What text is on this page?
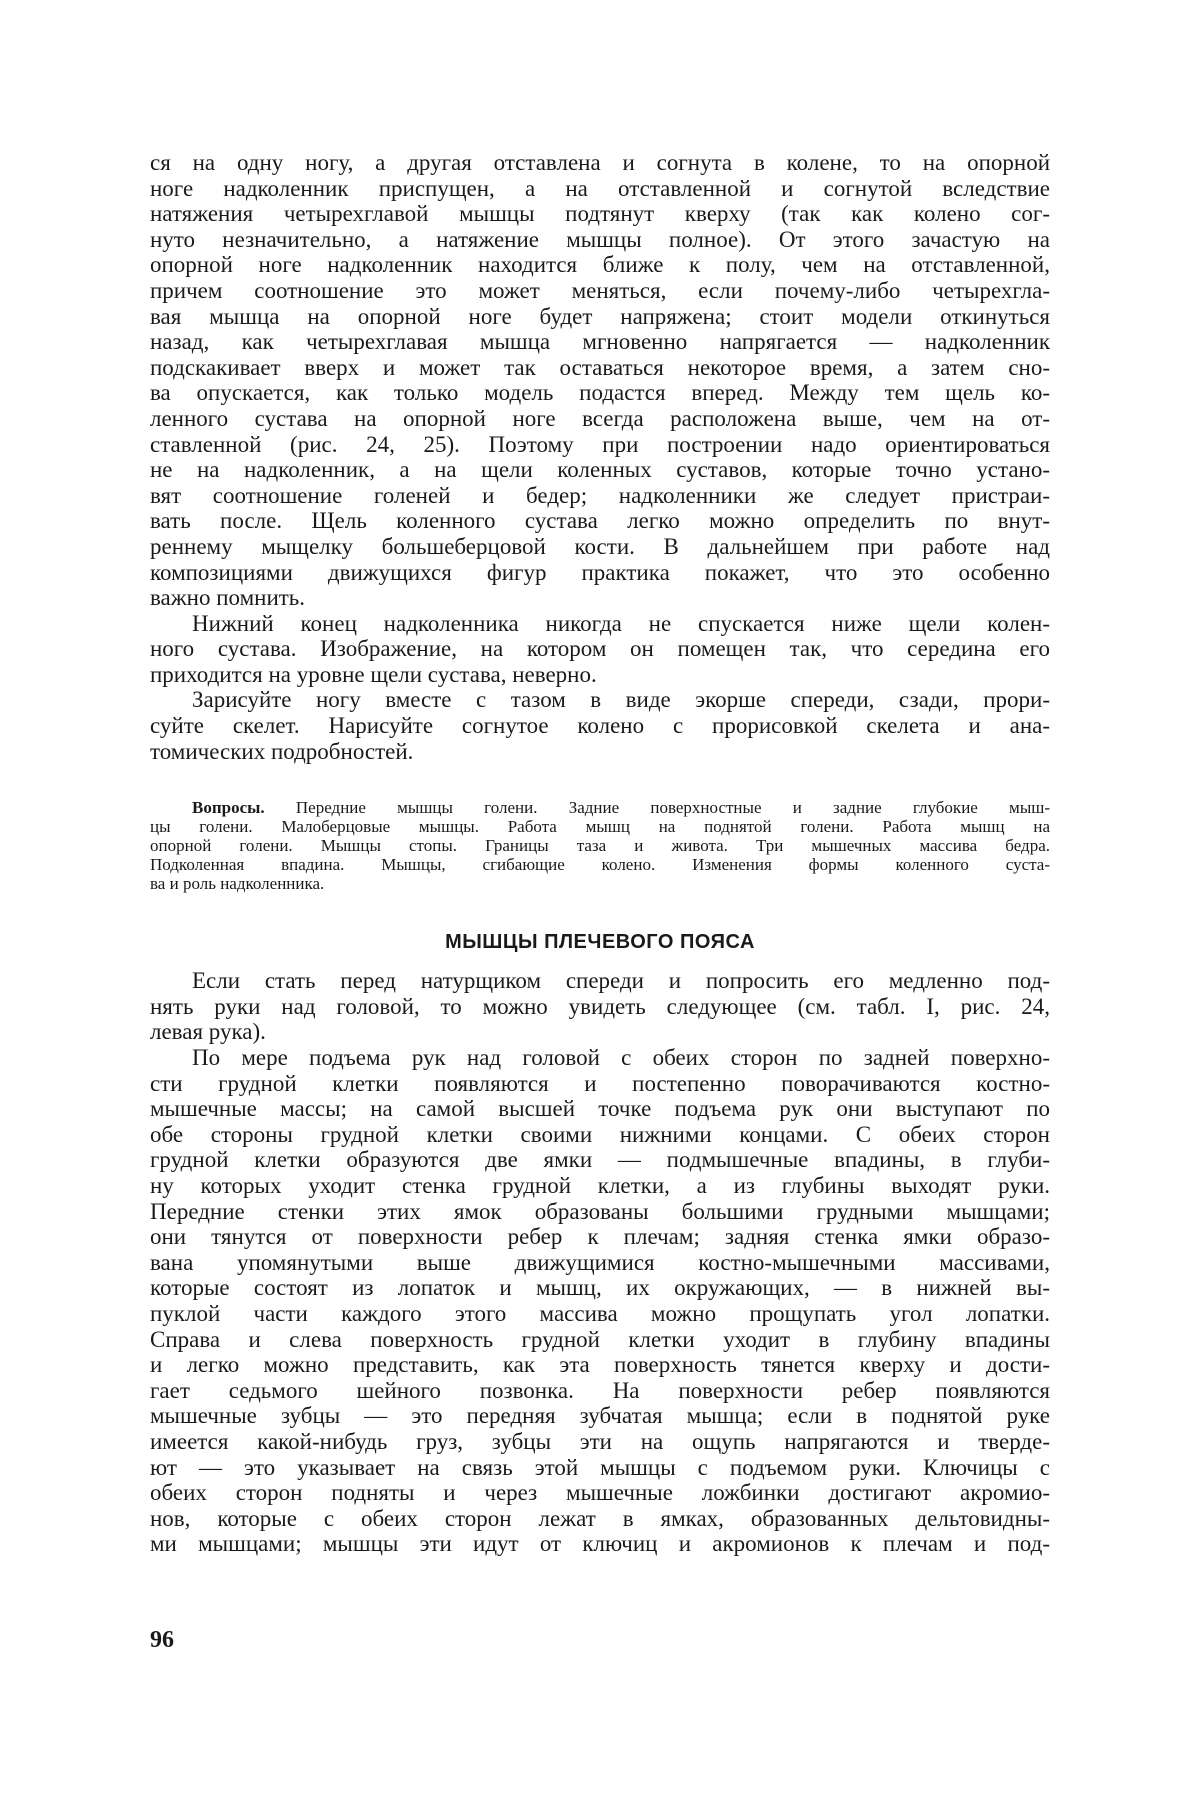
ся на одну ногу, а другая отставлена и согнута в колене, то на опорной
ноге надколенник приспущен, а на отставленной и согнутой вследствие
натяжения четырехглавой мышцы подтянут кверху (так как колено сог-
нуто незначительно, а натяжение мышцы полное). От этого зачастую на
опорной ноге надколенник находится ближе к полу, чем на отставленной,
причем соотношение это может меняться, если почему-либо четырехгла-
вая мышца на опорной ноге будет напряжена; стоит модели откинуться
назад, как четырехглавая мышца мгновенно напрягается — надколенник
подскакивает вверх и может так оставаться некоторое время, а затем сно-
ва опускается, как только модель подастся вперед. Между тем щель ко-
ленного сустава на опорной ноге всегда расположена выше, чем на от-
ставленной (рис. 24, 25). Поэтому при построении надо ориентироваться
не на надколенник, а на щели коленных суставов, которые точно устано-
вят соотношение голеней и бедер; надколенники же следует пристраи-
вать после. Щель коленного сустава легко можно определить по внут-
реннему мыщелку большеберцовой кости. В дальнейшем при работе над
композициями движущихся фигур практика покажет, что это особенно
важно помнить.

Нижний конец надколенника никогда не спускается ниже щели колен-
ного сустава. Изображение, на котором он помещен так, что середина его
приходится на уровне щели сустава, неверно.

Зарисуйте ногу вместе с тазом в виде экорше спереди, сзади, прори-
суйте скелет. Нарисуйте согнутое колено с прорисовкой скелета и ана-
томических подробностей.

Вопросы. Передние мышцы голени. Задние поверхностные и задние глубокие мыш-
цы голени. Малоберцовые мышцы. Работа мышц на поднятой голени. Работа мышц на
опорной голени. Мышцы стопы. Границы таза и живота. Три мышечных массива бедра.
Подколенная впадина. Мышцы, сгибающие колено. Изменения формы коленного суста-
ва и роль надколенника.
МЫШЦЫ ПЛЕЧЕВОГО ПОЯСА

Если стать перед натурщиком спереди и попросить его медленно под-
нять руки над головой, то можно увидеть следующее (см. табл. I, рис. 24,
левая рука).

По мере подъема рук над головой с обеих сторон по задней поверхно-
сти грудной клетки появляются и постепенно поворачиваются костно-
мышечные массы; на самой высшей точке подъема рук они выступают по
обе стороны грудной клетки своими нижними концами. С обеих сторон
грудной клетки образуются две ямки — подмышечные впадины, в глуби-
ну которых уходит стенка грудной клетки, а из глубины выходят руки.
Передние стенки этих ямок образованы большими грудными мышцами;
они тянутся от поверхности ребер к плечам; задняя стенка ямки образо-
вана упомянутыми выше движущимися костно-мышечными массивами,
которые состоят из лопаток и мышц, их окружающих, — в нижней вы-
пуклой части каждого этого массива можно прощупать угол лопатки.
Справа и слева поверхность грудной клетки уходит в глубину впадины
и легко можно представить, как эта поверхность тянется кверху и дости-
гает седьмого шейного позвонка. На поверхности ребер появляются
мышечные зубцы — это передняя зубчатая мышца; если в поднятой руке
имеется какой-нибудь груз, зубцы эти на ощупь напрягаются и тверде-
ют — это указывает на связь этой мышцы с подъемом руки. Ключицы с
обеих сторон подняты и через мышечные ложбинки достигают акромио-
нов, которые с обеих сторон лежат в ямках, образованных дельтовидны-
ми мышцами; мышцы эти идут от ключиц и акромионов к плечам и под-

96
